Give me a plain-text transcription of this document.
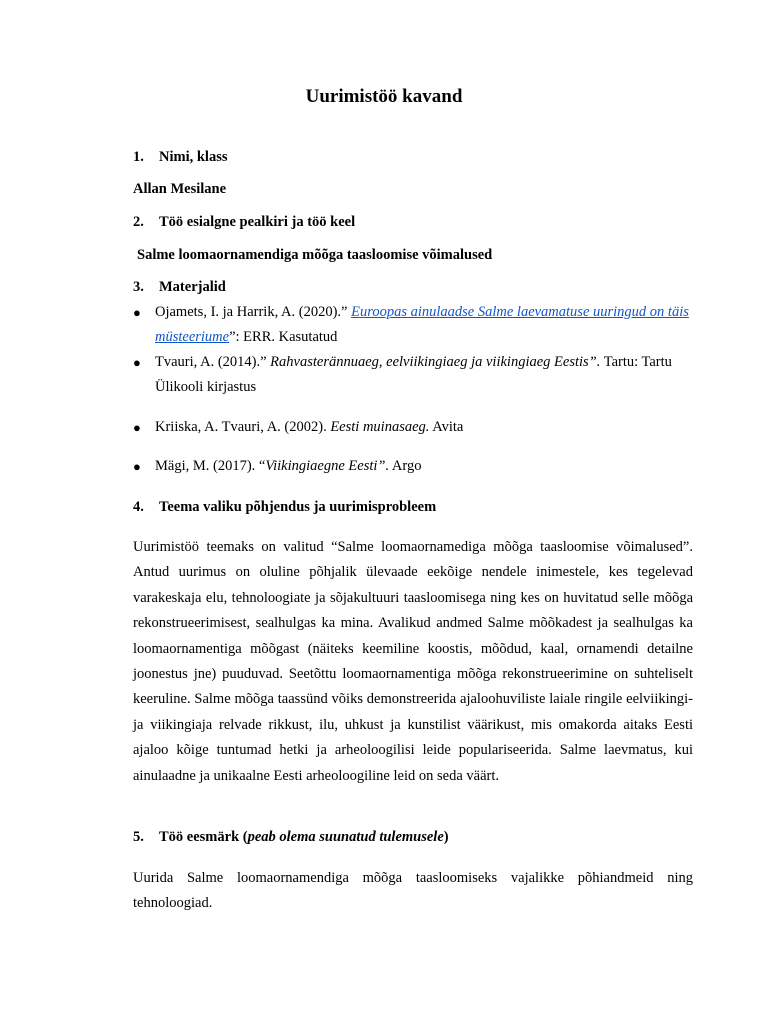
Uurimistöö kavand
1. Nimi, klass
Allan Mesilane
2. Töö esialgne pealkiri ja töö keel
Salme loomaornamendiga mõõga taasloomise võimalused
3. Materjalid
● Ojamets, I. ja Harrik, A. (2020).” Euroopas ainulaadse Salme laevamatuse uuringud on täis müsteeriume”: ERR. Kasutatud
● Tvauri, A. (2014).” Rahvasterännuaeg, eelviikingiaeg ja viikingiaeg Eestis”. Tartu: Tartu Ülikooli kirjastus
● Kriiska, A. Tvauri, A. (2002). Eesti muinasaeg. Avita
● Mägi, M. (2017). “Viikingiaegne Eesti”. Argo
4. Teema valiku põhjendus ja uurimisprobleem
Uurimistöö teemaks on valitud “Salme loomaornamedigа mõõga taasloomise võimalused”. Antud uurimus on oluline põhjalik ülevaade eekõige nendele inimestele, kes tegelevad varakeskaja elu, tehnoloogiate ja sõjakultuuri taasloomisega ning kes on huvitatud selle mõõga rekonstrueerimisest, sealhulgas ka mina. Avalikud andmed Salme mõõkadest ja sealhulgas ka loomaornamentiga mõõgast (näiteks keemiline koostis, mõõdud, kaal, ornamendi detailne joonestus jne) puuduvad. Seetõttu loomaornamentiga mõõga rekonstrueerimine on suhteliselt keeruline. Salme mõõga taassünd võiks demonstreerida ajaloohuviliste laiale ringile eelviikingi- ja viikingiaja relvade rikkust, ilu, uhkust ja kunstilist väärikust, mis omakorda aitaks Eesti ajaloo kõige tuntumad hetki ja arheoloogilisi leide populariseerida. Salme laevmatus, kui ainulaadne ja unikaalne Eesti arheoloogiline leid on seda väärt.
5. Töö eesmärk (peab olema suunatud tulemusele)
Uurida Salme loomaornamendiga mõõga taasloomiseks vajalikke põhiandmeid ning tehnoloogiad.
